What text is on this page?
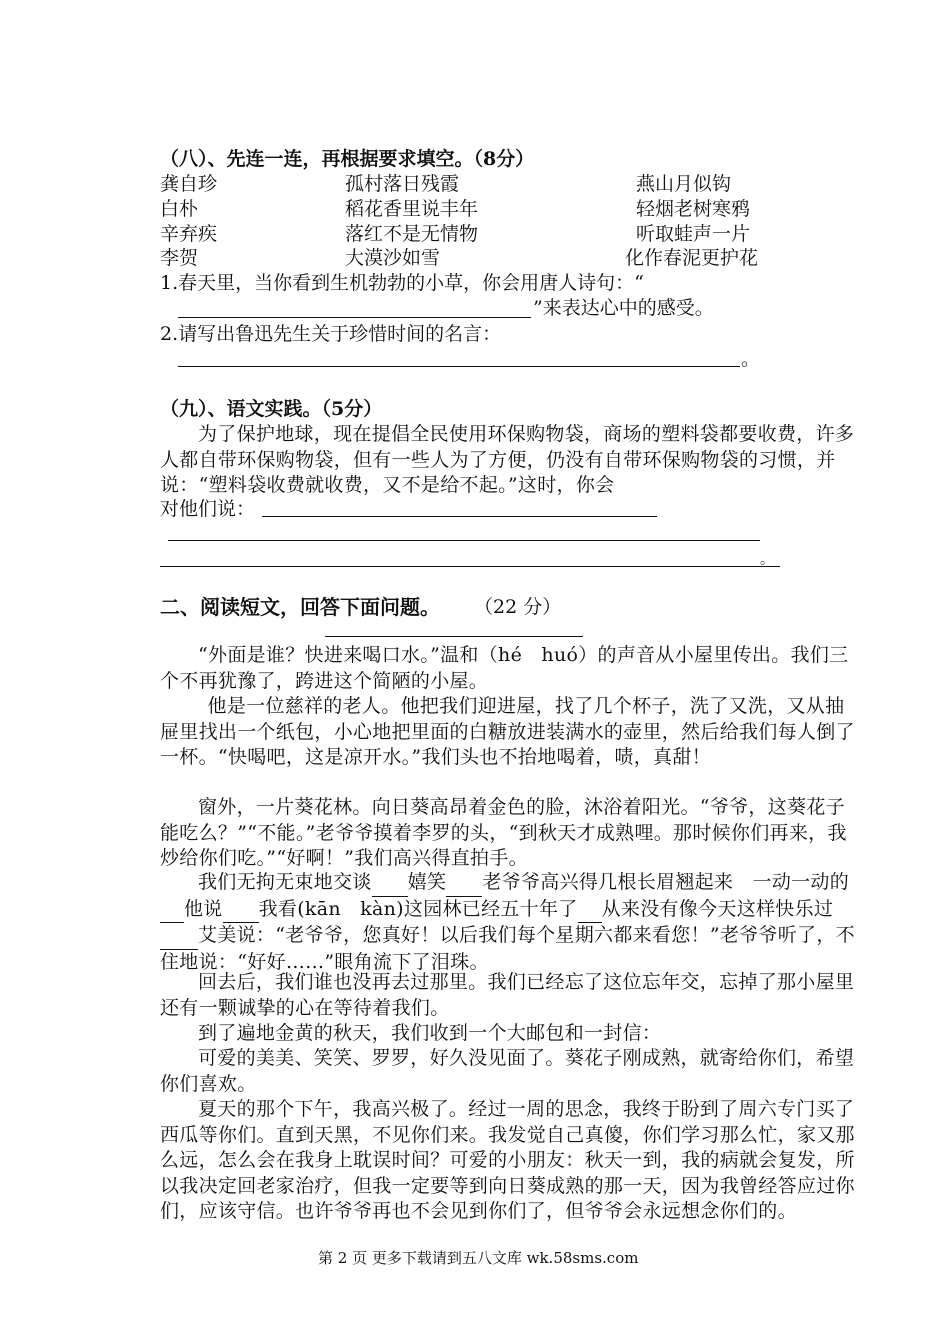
（八）、先连一连，再根据要求填空。（8分）
龚自珍
白朴
辛弃疾
李贺
孤村落日残霞
稻花香里说丰年
落红不是无情物
大漠沙如雪
燕山月似钩
轻烟老树寒鸦
听取蛙声一片
化作春泥更护花
1.春天里，当你看到生机勃勃的小草，你会用唐人诗句：“
”来表达心中的感受。
2.请写出鲁迅先生关于珍惜时间的名言：
。
（九）、语文实践。（5分）
为了保护地球，现在提倡全民使用环保购物袋，商场的塑料袋都要收费，许多人都自带环保购物袋，但有一些人为了方便，仍没有自带环保购物袋的习惯，并说：“塑料袋收费就收费，又不是给不起。”这时，你会
对他们说：
。
二、阅读短文，回答下面问题。 （22 分）
“外面是谁？快进来喝口水。”温和（hé　huó）的声音从小屋里传出。我们三个不再犹豫了，跨进这个简陋的小屋。
他是一位慈祥的老人。他把我们迎进屋，找了几个杯子，洗了又洗，又从抽屉里找出一个纸包，小心地把里面的白糖放进装满水的壶里，然后给我们每人倒了一杯。“快喝吧，这是凉开水。”我们头也不抬地喝着，啧，真甜！
窗外，一片葵花林。向日葵高昂着金色的脸，沐浴着阳光。“爷爷，这葵花子能吃么？”“不能。”老爷爷摸着李罗的头，“到秋天才成熟哩。那时候你们再来，我炒给你们吃。”“好啊！”我们高兴得直拍手。
我们无拘无束地交谈 嬉笑 老爷爷高兴得几根长眉翘起来　一动一动的 他说 我看(kān　kàn)这园林已经五十年了 从来没有像今天这样快乐过 艾美说：“老爷爷，您真好！以后我们每个星期六都来看您！”老爷爷听了，不住地说：“好好……”眼角流下了泪珠。
回去后，我们谁也没再去过那里。我们已经忘了这位忘年交，忘掉了那小屋里还有一颗诚挚的心在等待着我们。
到了遍地金黄的秋天，我们收到一个大邮包和一封信：
可爱的美美、笑笑、罗罗，好久没见面了。葵花子刚成熟，就寄给你们，希望你们喜欢。
夏天的那个下午，我高兴极了。经过一周的思念，我终于盼到了周六专门买了西瓜等你们。直到天黑，不见你们来。我发觉自己真傻，你们学习那么忙，家又那么远，怎么会在我身上耽误时间？可爱的小朋友：秋天一到，我的病就会复发，所以我决定回老家治疗，但我一定要等到向日葵成熟的那一天，因为我曾经答应过你们，应该守信。也许爷爷再也不会见到你们了，但爷爷会永远想念你们的。
第 2 页 更多下载请到五八文库 wk.58sms.com
